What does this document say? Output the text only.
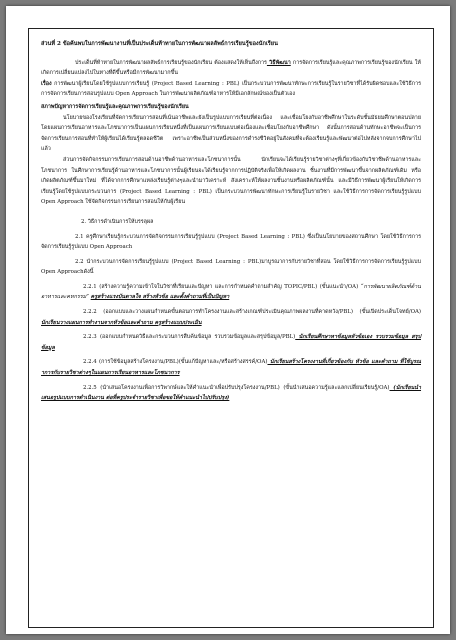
ส่วนที่ 2 ข้อค้นพบในการพัฒนางานที่เป็นประเด็นท้าทายในการพัฒนาผลลัพธ์การเรียนรู้ของนักเรียน

ประเด็นที่ท้าทายในการพัฒนาผลลัพธ์การเรียนรู้ของนักเรียน ต้องแสดงให้เห็นถึงการ วิธีพัฒนา การจัดการเรียนรู้และคุณภาพการเรียนรู้ของนักเรียน ให้เกิดการเปลี่ยนแปลงไปในทางที่ดีขึ้นหรือมีการพัฒนามากขึ้น
เรื่อง การพัฒนาผู้เรียนโดยใช้รูปแบบการเรียนรู้ (Project Based Learning : PBL) เป็นกระบวนการพัฒนาทักษะการเรียนรู้ในรายวิชาที่ได้รับผิดชอบและใช้วิธีการการจัดการเรียนการสอนรูปแบบ Open Approach ในการพัฒนาผลิตภัณฑ์อาหารให้มีเอกลักษณ์ของเป็นตัวเอง

สภาพปัญหาการจัดการเรียนรู้และคุณภาพการเรียนรู้ของนักเรียน

นโยบายของโรงเรียนที่จัดการเรียนการสอนที่เน้นอาชีพและยังเป็นรูปแบบการเรียนที่ต่อเนื่อง และเชื่อมโยงกับอาชีพศึกษาในระดับชั้นมัธยมศึกษาตอนปลาย โดยแผนการเรียนอาหารและโภชนาการเป็นแผนการเรียนหนึ่งที่เป็นแผนการเรียนแบบต่อเนื่องและเชื่อมโยงกับอาชีพศึกษา ดังนั้นการสอนด้านทักษะอาชีพจะเป็นการจัดการเรียนการสอนที่ทำให้ผู้เรียนได้เรียนรู้ตลอดชีวิต เพราะอาชีพเป็นส่วนหนึ่งของการดำรงชีวิตอยู่ในสังคมที่จะต้องเรียนรู้และพัฒนาต่อไปหลังจากจบการศึกษาไปแล้ว

ส่วนการจัดกิจกรรมการเรียนการสอนด้านอาชีพด้านอาหารและโภชนาการนั้น นักเรียนจะได้เรียนรู้รายวิชาต่างๆที่เกี่ยวข้องกับวิชาชีพด้านอาหารและโภชนาการ ในศึกษาการเรียนรู้ด้านอาหารและโภชนาการนั้นผู้เรียนจะได้เรียนรู้จากการปฏิบัติจริงเพื่อให้เกิดผลงาน ชิ้นงานที่มีการพัฒนาขึ้นจากผลิตภัณฑ์เดิม หรือเกิดผลิตภัณฑ์ขึ้นมาใหม่ ที่ได้จากการศึกษาแหล่งเรียนรู้ต่างๆและนำมาวิเคราะห์ สังเคราะห์ให้ผลงานชิ้นงานหรือผลิตภัณฑ์นั้น และมีวิธีการพัฒนาผู้เรียนให้เกิดการเรียนรู้โดยใช้รูปแบบกระบวนการ (Project Based Learning : PBL) เป็นกระบวนการพัฒนาทักษะการเรียนรู้ในรายวิชา และใช้วิธีการการจัดการเรียนรู้รูปแบบ Open Approach ใช้จัดกิจกรรมการเรียนการสอนให้กับผู้เรียน

2. วิธีการดำเนินการให้บรรลุผล

2.1 ครูศึกษาเรียนรู้กระบวนการจัดกิจกรรมการเรียนรู้รูปแบบ (Project Based Learning : PBL) ซึ่งเป็นนโยบายของสถานศึกษา โดยใช้วิธีการการจัดการเรียนรู้รูปแบบ Open Approach

2.2 นำกระบวนการจัดการเรียนรู้รูปแบบ (Project Based Learning : PBL)มาบูรณาการกับรายวิชาที่สอน โดยใช้วิธีการการจัดการเรียนรู้รูปแบบ Open Approachดังนี้

2.2.1 (สร้างความรู้ความเข้าใจในวิชาที่เรียนและปัญหา และการกำหนดคำถามสำคัญ TOPIC/PBL) (ขั้นแนะนำ/OA) “การพัฒนาผลิตภัณฑ์ด้านอาหารและคหกรรม” ครูสร้างแรงบันดาลใจ สร้างหัวข้อ และตั้งคำถามที่เป็นปัญหา

2.2.2 (ออกแบบและวางแผนกำหนดขั้นตอนการทำโครงงานและสร้างเกณฑ์ประเมินคุณภาพผลงานที่คาดหวัง/PBL) (ขั้นเปิดประเด็นโจทย์/OA) นักเรียนวางแผนการทำงานจากหัวข้อและคำถาม ครูสร้างแบบประเมิน

2.2.3 (ออกแบบกำหนดวิธีและกระบวนการสืบค้นข้อมูล รวบรวมข้อมูลและสรุปข้อมูล/PBL) นักเรียนศึกษาหาข้อมูลหัวข้อเอง รวบรวมข้อมูล สรุปข้อมูล

2.2.4 (การใช้ข้อมูลสร้างโครงงาน/PBL)(ขั้นแก้ปัญหาและ/หรือสร้างสรรค์/OA) นักเรียนสร้างโครงงานที่เกี่ยวข้องกับ หัวข้อ และคำถาม ที่ใช้บูรณาการกับรายวิชาต่างๆในแผนการเรียนอาหารและโภชนาการ

2.2.5 (นำเสนอโครงงานเพื่อการวิพากษ์และให้คำแนะนำเพื่อปรับปรุงโครงงาน/PBL) (ขั้นนำเสนอความรู้และแลกเปลี่ยนเรียนรู้/OA) (นักเรียนนำเสนอรูปแบบการดำเนินงาน ต่อที่ครูประจำรายวิชาเพื่อขอให้คำแนะนำไปปรับปรุง)
